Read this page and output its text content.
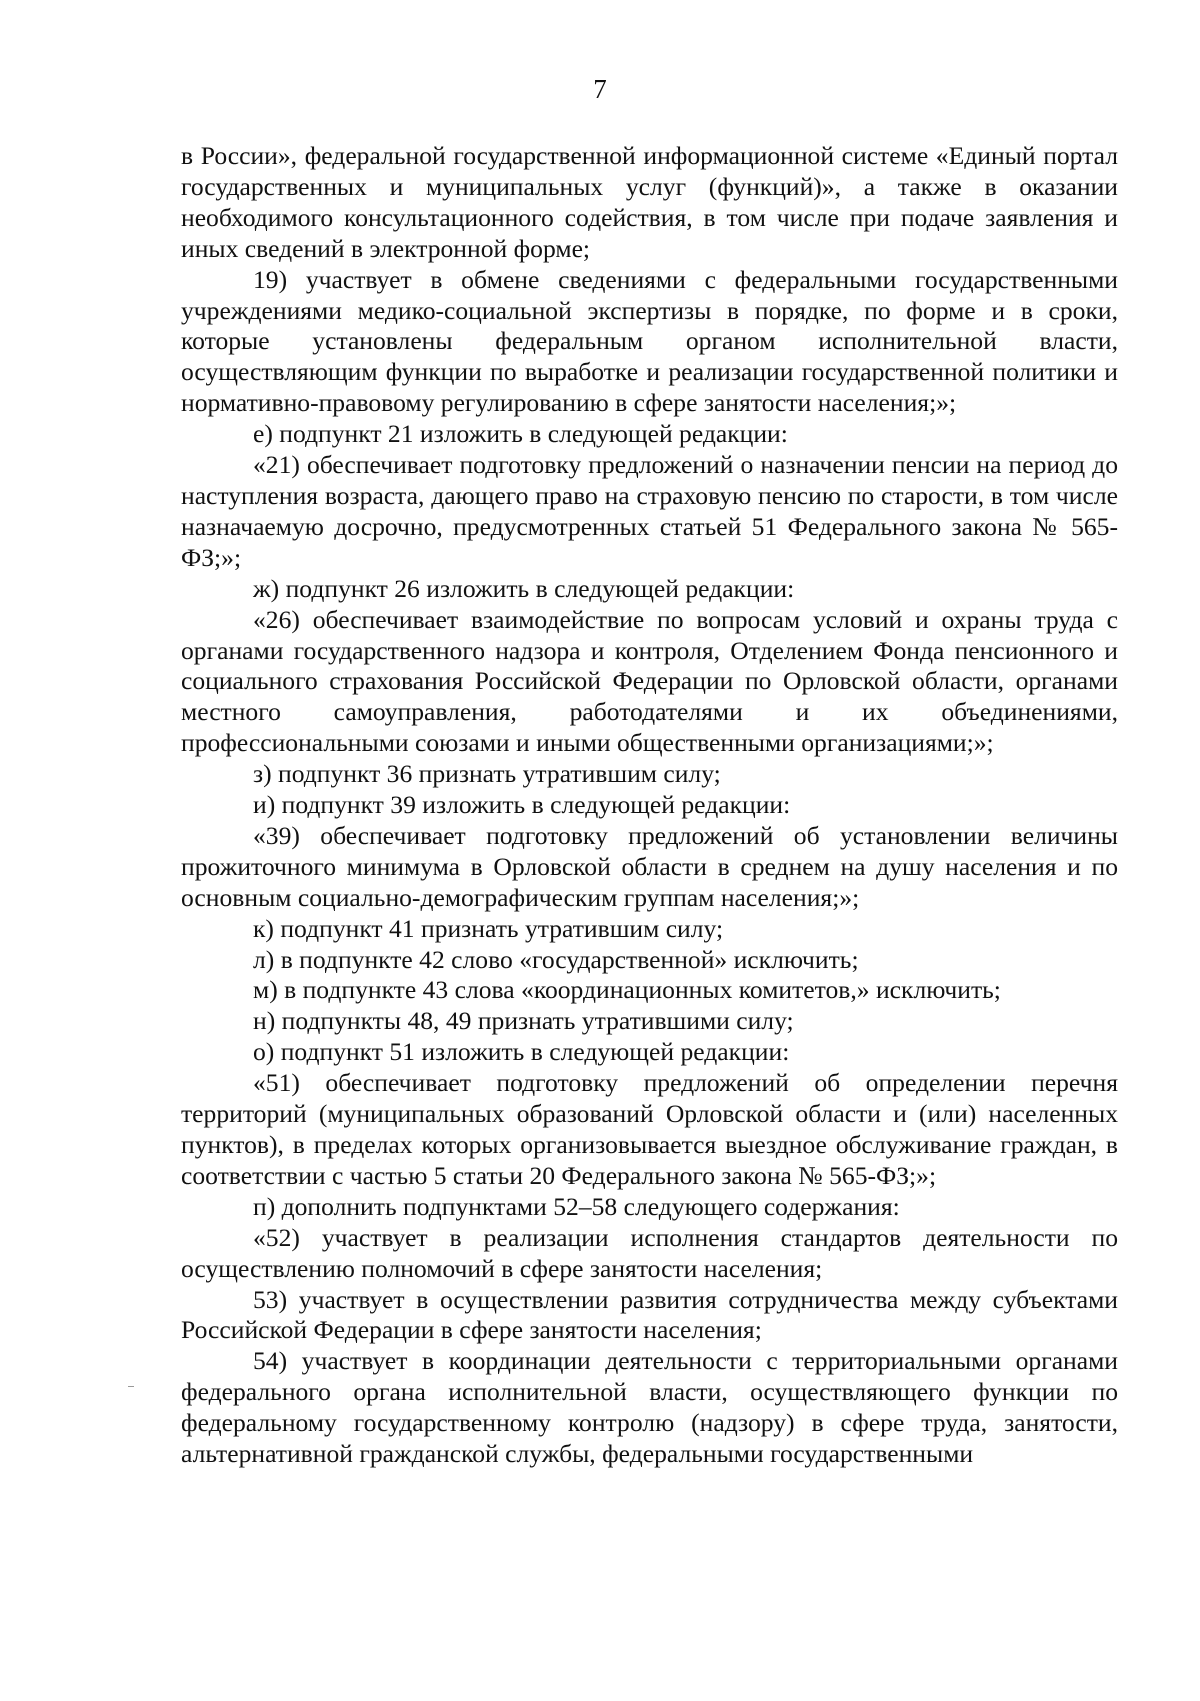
7

в России», федеральной государственной информационной системе «Единый портал государственных и муниципальных услуг (функций)», а также в оказании необходимого консультационного содействия, в том числе при подаче заявления и иных сведений в электронной форме;

19) участвует в обмене сведениями с федеральными государственными учреждениями медико-социальной экспертизы в порядке, по форме и в сроки, которые установлены федеральным органом исполнительной власти, осуществляющим функции по выработке и реализации государственной политики и нормативно-правовому регулированию в сфере занятости населения;»;

е) подпункт 21 изложить в следующей редакции:

«21) обеспечивает подготовку предложений о назначении пенсии на период до наступления возраста, дающего право на страховую пенсию по старости, в том числе назначаемую досрочно, предусмотренных статьей 51 Федерального закона № 565-ФЗ;»;

ж) подпункт 26 изложить в следующей редакции:

«26) обеспечивает взаимодействие по вопросам условий и охраны труда с органами государственного надзора и контроля, Отделением Фонда пенсионного и социального страхования Российской Федерации по Орловской области, органами местного самоуправления, работодателями и их объединениями, профессиональными союзами и иными общественными организациями;»;

з) подпункт 36 признать утратившим силу;

и) подпункт 39 изложить в следующей редакции:

«39) обеспечивает подготовку предложений об установлении величины прожиточного минимума в Орловской области в среднем на душу населения и по основным социально-демографическим группам населения;»;

к) подпункт 41 признать утратившим силу;

л) в подпункте 42 слово «государственной» исключить;

м) в подпункте 43 слова «координационных комитетов,» исключить;

н) подпункты 48, 49 признать утратившими силу;

о) подпункт 51 изложить в следующей редакции:

«51) обеспечивает подготовку предложений об определении перечня территорий (муниципальных образований Орловской области и (или) населенных пунктов), в пределах которых организовывается выездное обслуживание граждан, в соответствии с частью 5 статьи 20 Федерального закона № 565-ФЗ;»;

п) дополнить подпунктами 52–58 следующего содержания:

«52) участвует в реализации исполнения стандартов деятельности по осуществлению полномочий в сфере занятости населения;

53) участвует в осуществлении развития сотрудничества между субъектами Российской Федерации в сфере занятости населения;

54) участвует в координации деятельности с территориальными органами федерального органа исполнительной власти, осуществляющего функции по федеральному государственному контролю (надзору) в сфере труда, занятости, альтернативной гражданской службы, федеральными государственными
